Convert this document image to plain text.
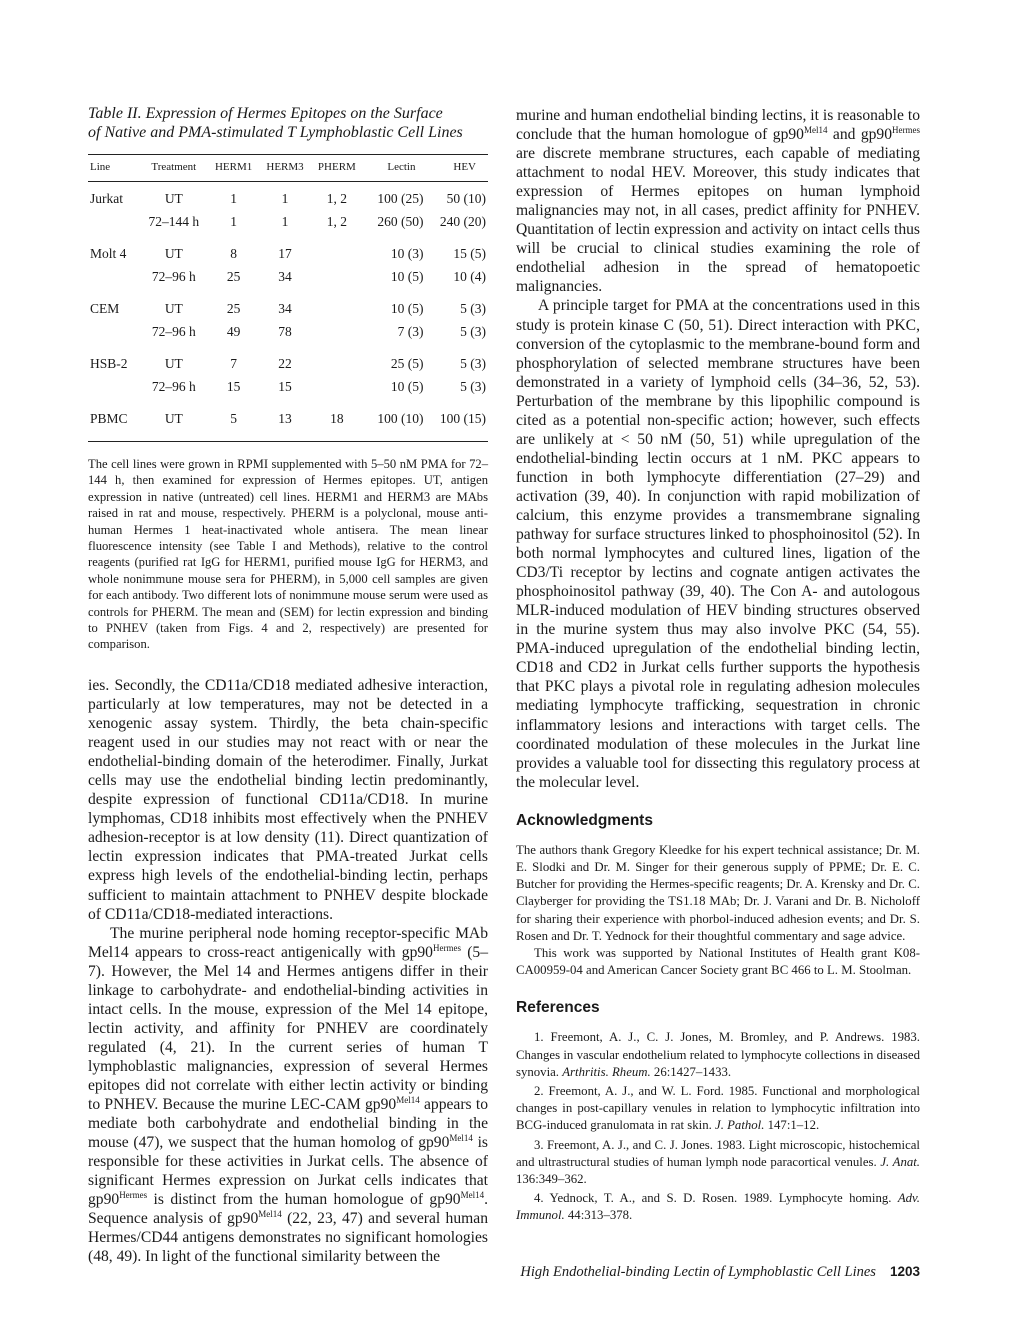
Table II. Expression of Hermes Epitopes on the Surface
of Native and PMA-stimulated T Lymphoblastic Cell Lines
Line	Treatment	HERM1	HERM3	PHERM	Lectin	HEV

Jurkat	UT	1	1	1, 2	100 (25)	50 (10)
	72–144 h	1	1	1, 2	260 (50)	240 (20)
Molt 4	UT	8	17		10 (3)	15 (5)
	72–96 h	25	34		10 (5)	10 (4)
CEM	UT	25	34		10 (5)	5 (3)
	72–96 h	49	78		7 (3)	5 (3)
HSB-2	UT	7	22		25 (5)	5 (3)
	72–96 h	15	15		10 (5)	5 (3)
PBMC	UT	5	13	18	100 (10)	100 (15)

The cell lines were grown in RPMI supplemented with 5–50 nM PMA for 72–144 h, then examined for expression of Hermes epitopes. UT, antigen expression in native (untreated) cell lines. HERM1 and HERM3 are MAbs raised in rat and mouse, respectively. PHERM is a polyclonal, mouse anti-human Hermes 1 heat-inactivated whole antisera. The mean linear fluorescence intensity (see Table I and Methods), relative to the control reagents (purified rat IgG for HERM1, purified mouse IgG for HERM3, and whole nonimmune mouse sera for PHERM), in 5,000 cell samples are given for each antibody. Two different lots of nonimmune mouse serum were used as controls for PHERM. The mean and (SEM) for lectin expression and binding to PNHEV (taken from Figs. 4 and 2, respectively) are presented for comparison.

ies. Secondly, the CD11a/CD18 mediated adhesive interaction, particularly at low temperatures, may not be detected in a xenogenic assay system. Thirdly, the beta chain-specific reagent used in our studies may not react with or near the endothelial-binding domain of the heterodimer. Finally, Jurkat cells may use the endothelial binding lectin predominantly, despite expression of functional CD11a/CD18. In murine lymphomas, CD18 inhibits most effectively when the PNHEV adhesion-receptor is at low density (11). Direct quantization of lectin expression indicates that PMA-treated Jurkat cells express high levels of the endothelial-binding lectin, perhaps sufficient to maintain attachment to PNHEV despite blockade of CD11a/CD18-mediated interactions.

The murine peripheral node homing receptor-specific MAb Mel14 appears to cross-react antigenically with $gp90^{Hermes}$ (5–7). However, the Mel 14 and Hermes antigens differ in their linkage to carbohydrate- and endothelial-binding activities in intact cells. In the mouse, expression of the Mel 14 epitope, lectin activity, and affinity for PNHEV are coordinately regulated (4, 21). In the current series of human T lymphoblastic malignancies, expression of several Hermes epitopes did not correlate with either lectin activity or binding to PNHEV. Because the murine LEC-CAM $gp90^{Mel14}$ appears to mediate both carbohydrate and endothelial binding in the mouse (47), we suspect that the human homolog of $gp90^{Mel14}$ is responsible for these activities in Jurkat cells. The absence of significant Hermes expression on Jurkat cells indicates that $gp90^{Hermes}$ is distinct from the human homologue of $gp90^{Mel14}$. Sequence analysis of $gp90^{Mel14}$ (22, 23, 47) and several human Hermes/CD44 antigens demonstrates no significant homologies (48, 49). In light of the functional similarity between the

murine and human endothelial binding lectins, it is reasonable to conclude that the human homologue of $gp90^{Mel14}$ and $gp90^{Hermes}$ are discrete membrane structures, each capable of mediating attachment to nodal HEV. Moreover, this study indicates that expression of Hermes epitopes on human lymphoid malignancies may not, in all cases, predict affinity for PNHEV. Quantitation of lectin expression and activity on intact cells thus will be crucial to clinical studies examining the role of endothelial adhesion in the spread of hematopoetic malignancies.

A principle target for PMA at the concentrations used in this study is protein kinase C (50, 51). Direct interaction with PKC, conversion of the cytoplasmic to the membrane-bound form and phosphorylation of selected membrane structures have been demonstrated in a variety of lymphoid cells (34–36, 52, 53). Perturbation of the membrane by this lipophilic compound is cited as a potential non-specific action; however, such effects are unlikely at < 50 nM (50, 51) while upregulation of the endothelial-binding lectin occurs at 1 nM. PKC appears to function in both lymphocyte differentiation (27–29) and activation (39, 40). In conjunction with rapid mobilization of calcium, this enzyme provides a transmembrane signaling pathway for surface structures linked to phosphoinositol (52). In both normal lymphocytes and cultured lines, ligation of the CD3/Ti receptor by lectins and cognate antigen activates the phosphoinositol pathway (39, 40). The Con A- and autologous MLR-induced modulation of HEV binding structures observed in the murine system thus may also involve PKC (54, 55). PMA-induced upregulation of the endothelial binding lectin, CD18 and CD2 in Jurkat cells further supports the hypothesis that PKC plays a pivotal role in regulating adhesion molecules mediating lymphocyte trafficking, sequestration in chronic inflammatory lesions and interactions with target cells. The coordinated modulation of these molecules in the Jurkat line provides a valuable tool for dissecting this regulatory process at the molecular level.

Acknowledgments

The authors thank Gregory Kleedke for his expert technical assistance; Dr. M. E. Slodki and Dr. M. Singer for their generous supply of PPME; Dr. E. C. Butcher for providing the Hermes-specific reagents; Dr. A. Krensky and Dr. C. Clayberger for providing the TS1.18 MAb; Dr. J. Varani and Dr. B. Nicholoff for sharing their experience with phorbol-induced adhesion events; and Dr. S. Rosen and Dr. T. Yednock for their thoughtful commentary and sage advice.

This work was supported by National Institutes of Health grant K08-CA00959-04 and American Cancer Society grant BC 466 to L. M. Stoolman.

References
1. Freemont, A. J., C. J. Jones, M. Bromley, and P. Andrews. 1983. Changes in vascular endothelium related to lymphocyte collections in diseased synovia. Arthritis. Rheum. 26:1427–1433.
2. Freemont, A. J., and W. L. Ford. 1985. Functional and morphological changes in post-capillary venules in relation to lymphocytic infiltration into BCG-induced granulomata in rat skin. J. Pathol. 147:1–12.
3. Freemont, A. J., and C. J. Jones. 1983. Light microscopic, histochemical and ultrastructural studies of human lymph node paracortical venules. J. Anat. 136:349–362.
4. Yednock, T. A., and S. D. Rosen. 1989. Lymphocyte homing. Adv. Immunol. 44:313–378.
High Endothelial-binding Lectin of Lymphoblastic Cell Lines 1203
